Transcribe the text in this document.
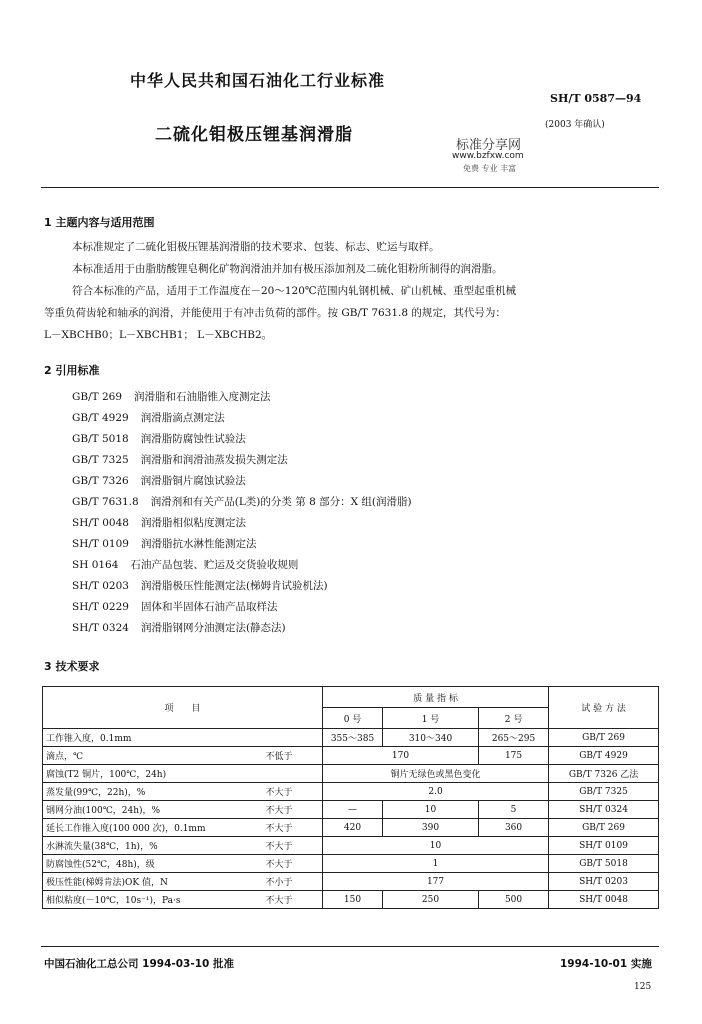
中华人民共和国石油化工行业标准
SH/T 0587—94
(2003 年确认)
二硫化钼极压锂基润滑脂
标准分享网
www.bzfxw.com
免费 专业 丰富
1 主题内容与适用范围

本标准规定了二硫化钼极压锂基润滑脂的技术要求、包装、标志、贮运与取样。

本标准适用于由脂肪酸锂皂稠化矿物润滑油并加有极压添加剂及二硫化钼粉所制得的润滑脂。

符合本标准的产品，适用于工作温度在－20～120℃范围内轧钢机械、矿山机械、重型起重机械

等重负荷齿轮和轴承的润滑，并能使用于有冲击负荷的部件。按 GB/T 7631.8 的规定，其代号为：

L－XBCHB0；L－XBCHB1； L－XBCHB2。

2 引用标准
GB/T 269 润滑脂和石油脂锥入度测定法
GB/T 4929 润滑脂滴点测定法
GB/T 5018 润滑脂防腐蚀性试验法
GB/T 7325 润滑脂和润滑油蒸发损失测定法
GB/T 7326 润滑脂铜片腐蚀试验法
GB/T 7631.8 润滑剂和有关产品(L类)的分类 第 8 部分：X 组(润滑脂)
SH/T 0048 润滑脂相似粘度测定法
SH/T 0109 润滑脂抗水淋性能测定法
SH 0164 石油产品包装、贮运及交货验收规则
SH/T 0203 润滑脂极压性能测定法(梯姆肯试验机法)
SH/T 0229 固体和半固体石油产品取样法
SH/T 0324 润滑脂钢网分油测定法(静态法)
3 技术要求
项　　目		质 量 指 标			试 验 方 法
		0 号	1 号	2 号	
工作锥入度，0.1mm		355～385	310～340	265～295	GB/T 269
滴点，℃	不低于	170		175	GB/T 4929
腐蚀(T2 铜片，100℃，24h)		铜片无绿色或黑色变化			GB/T 7326 乙法
蒸发量(99℃，22h)，%	不大于	2.0			GB/T 7325
钢网分油(100℃，24h)，%	不大于	—	10	5	SH/T 0324
延长工作锥入度(100 000 次)，0.1mm	不大于	420	390	360	GB/T 269
水淋流失量(38℃，1h)，%	不大于	10			SH/T 0109
防腐蚀性(52℃，48h)，级	不大于	1			GB/T 5018
极压性能(梯姆肯法)OK 值，N	不小于	177			SH/T 0203
相似粘度(－10℃，10s⁻¹)，Pa·s	不大于	150	250	500	SH/T 0048
中国石油化工总公司 1994-03-10 批准	1994-10-01 实施
125
